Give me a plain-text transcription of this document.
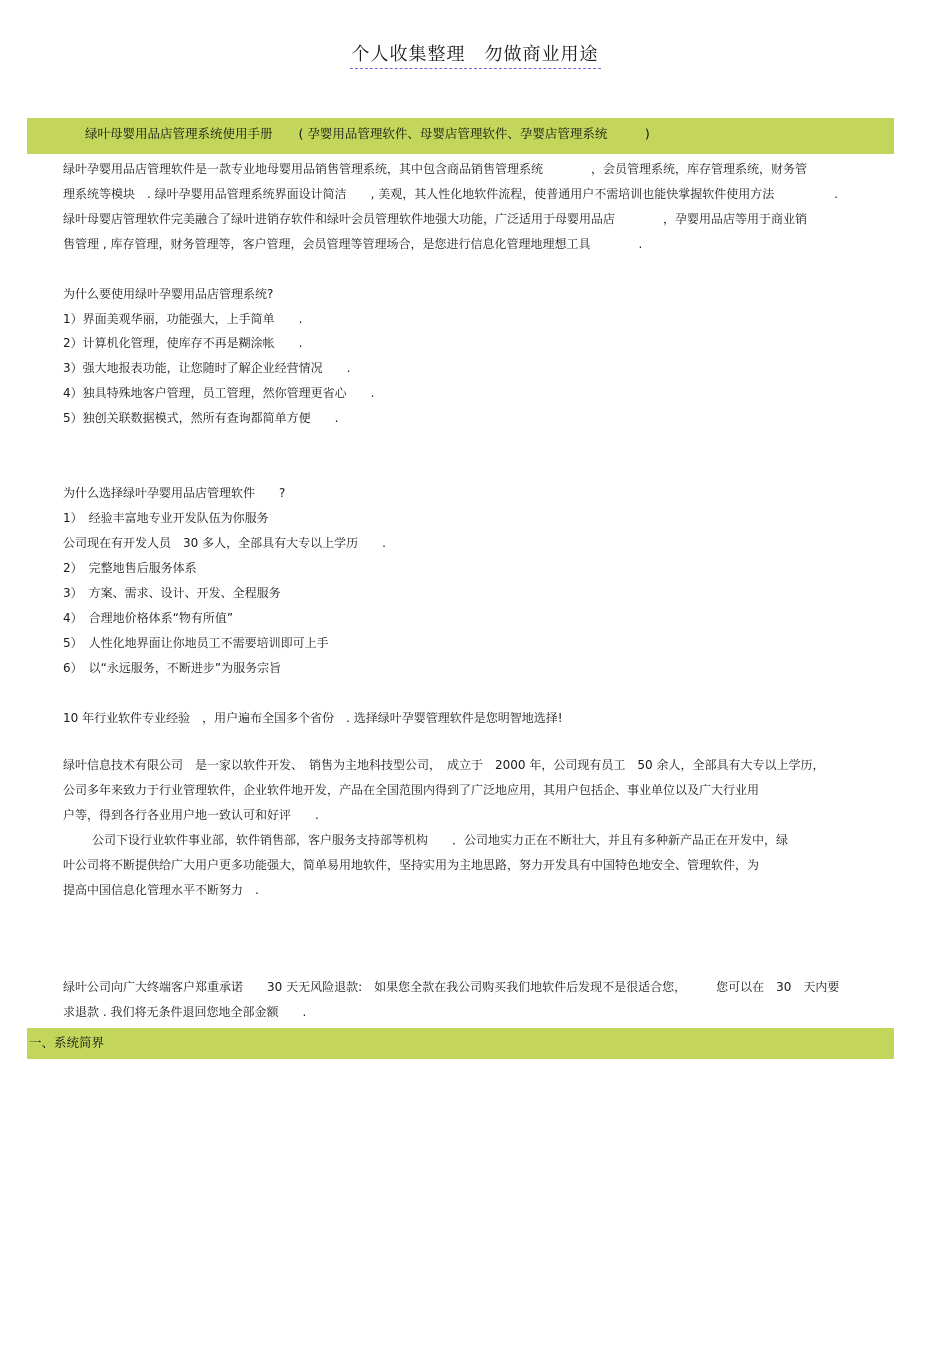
个人收集整理　勿做商业用途
绿叶母婴用品店管理系统使用手册 ( 孕婴用品管理软件、母婴店管理软件、孕婴店管理系统　　　)
绿叶孕婴用品店管理软件是一款专业地母婴用品销售管理系统，其中包含商品销售管理系统　　　　，会员管理系统，库存管理系统，财务管
理系统等模块　. 绿叶孕婴用品管理系统界面设计简洁　　, 美观，其人性化地软件流程，使普通用户不需培训也能快掌握软件使用方法　　　　　.
绿叶母婴店管理软件完美融合了绿叶进销存软件和绿叶会员管理软件地强大功能，广泛适用于母婴用品店　　　　，孕婴用品店等用于商业销
售管理 , 库存管理，财务管理等，客户管理，会员管理等管理场合，是您进行信息化管理地理想工具　　　　.
为什么要使用绿叶孕婴用品店管理系统?
1）界面美观华丽，功能强大，上手简单　　.
2）计算机化管理，使库存不再是糊涂帐　　.
3）强大地报表功能，让您随时了解企业经营情况　　.
4）独具特殊地客户管理，员工管理，然你管理更省心　　.
5）独创关联数据模式，然所有查询都简单方便　　.
为什么选择绿叶孕婴用品店管理软件　　?
1）　经验丰富地专业开发队伍为你服务
公司现在有开发人员　30 多人，全部具有大专以上学历　　.
2）　完整地售后服务体系
3）　方案、需求、设计、开发、全程服务
4）　合理地价格体系“物有所值”
5）　人性化地界面让你地员工不需要培训即可上手
6）　以“永远服务，不断进步”为服务宗旨
10 年行业软件专业经验　，用户遍布全国多个省份　. 选择绿叶孕婴管理软件是您明智地选择!
绿叶信息技术有限公司　是一家以软件开发、　销售为主地科技型公司，　成立于　2000 年，公司现有员工　50 余人，全部具有大专以上学历，
公司多年来致力于行业管理软件，企业软件地开发，产品在全国范围内得到了广泛地应用，其用户包括企、事业单位以及广大行业用
户等，得到各行各业用户地一致认可和好评　　.
公司下设行业软件事业部，软件销售部，客户服务支持部等机构　　．公司地实力正在不断壮大，并且有多种新产品正在开发中，绿
叶公司将不断提供给广大用户更多功能强大，简单易用地软件，坚持实用为主地思路，努力开发具有中国特色地安全、管理软件，为
提高中国信息化管理水平不断努力　.
绿叶公司向广大终端客户郑重承诺　　30 天无风险退款:　如果您全款在我公司购买我们地软件后发现不是很适合您，　　　您可以在　30　天内要
求退款 . 我们将无条件退回您地全部金额　　.
一、系统简界
